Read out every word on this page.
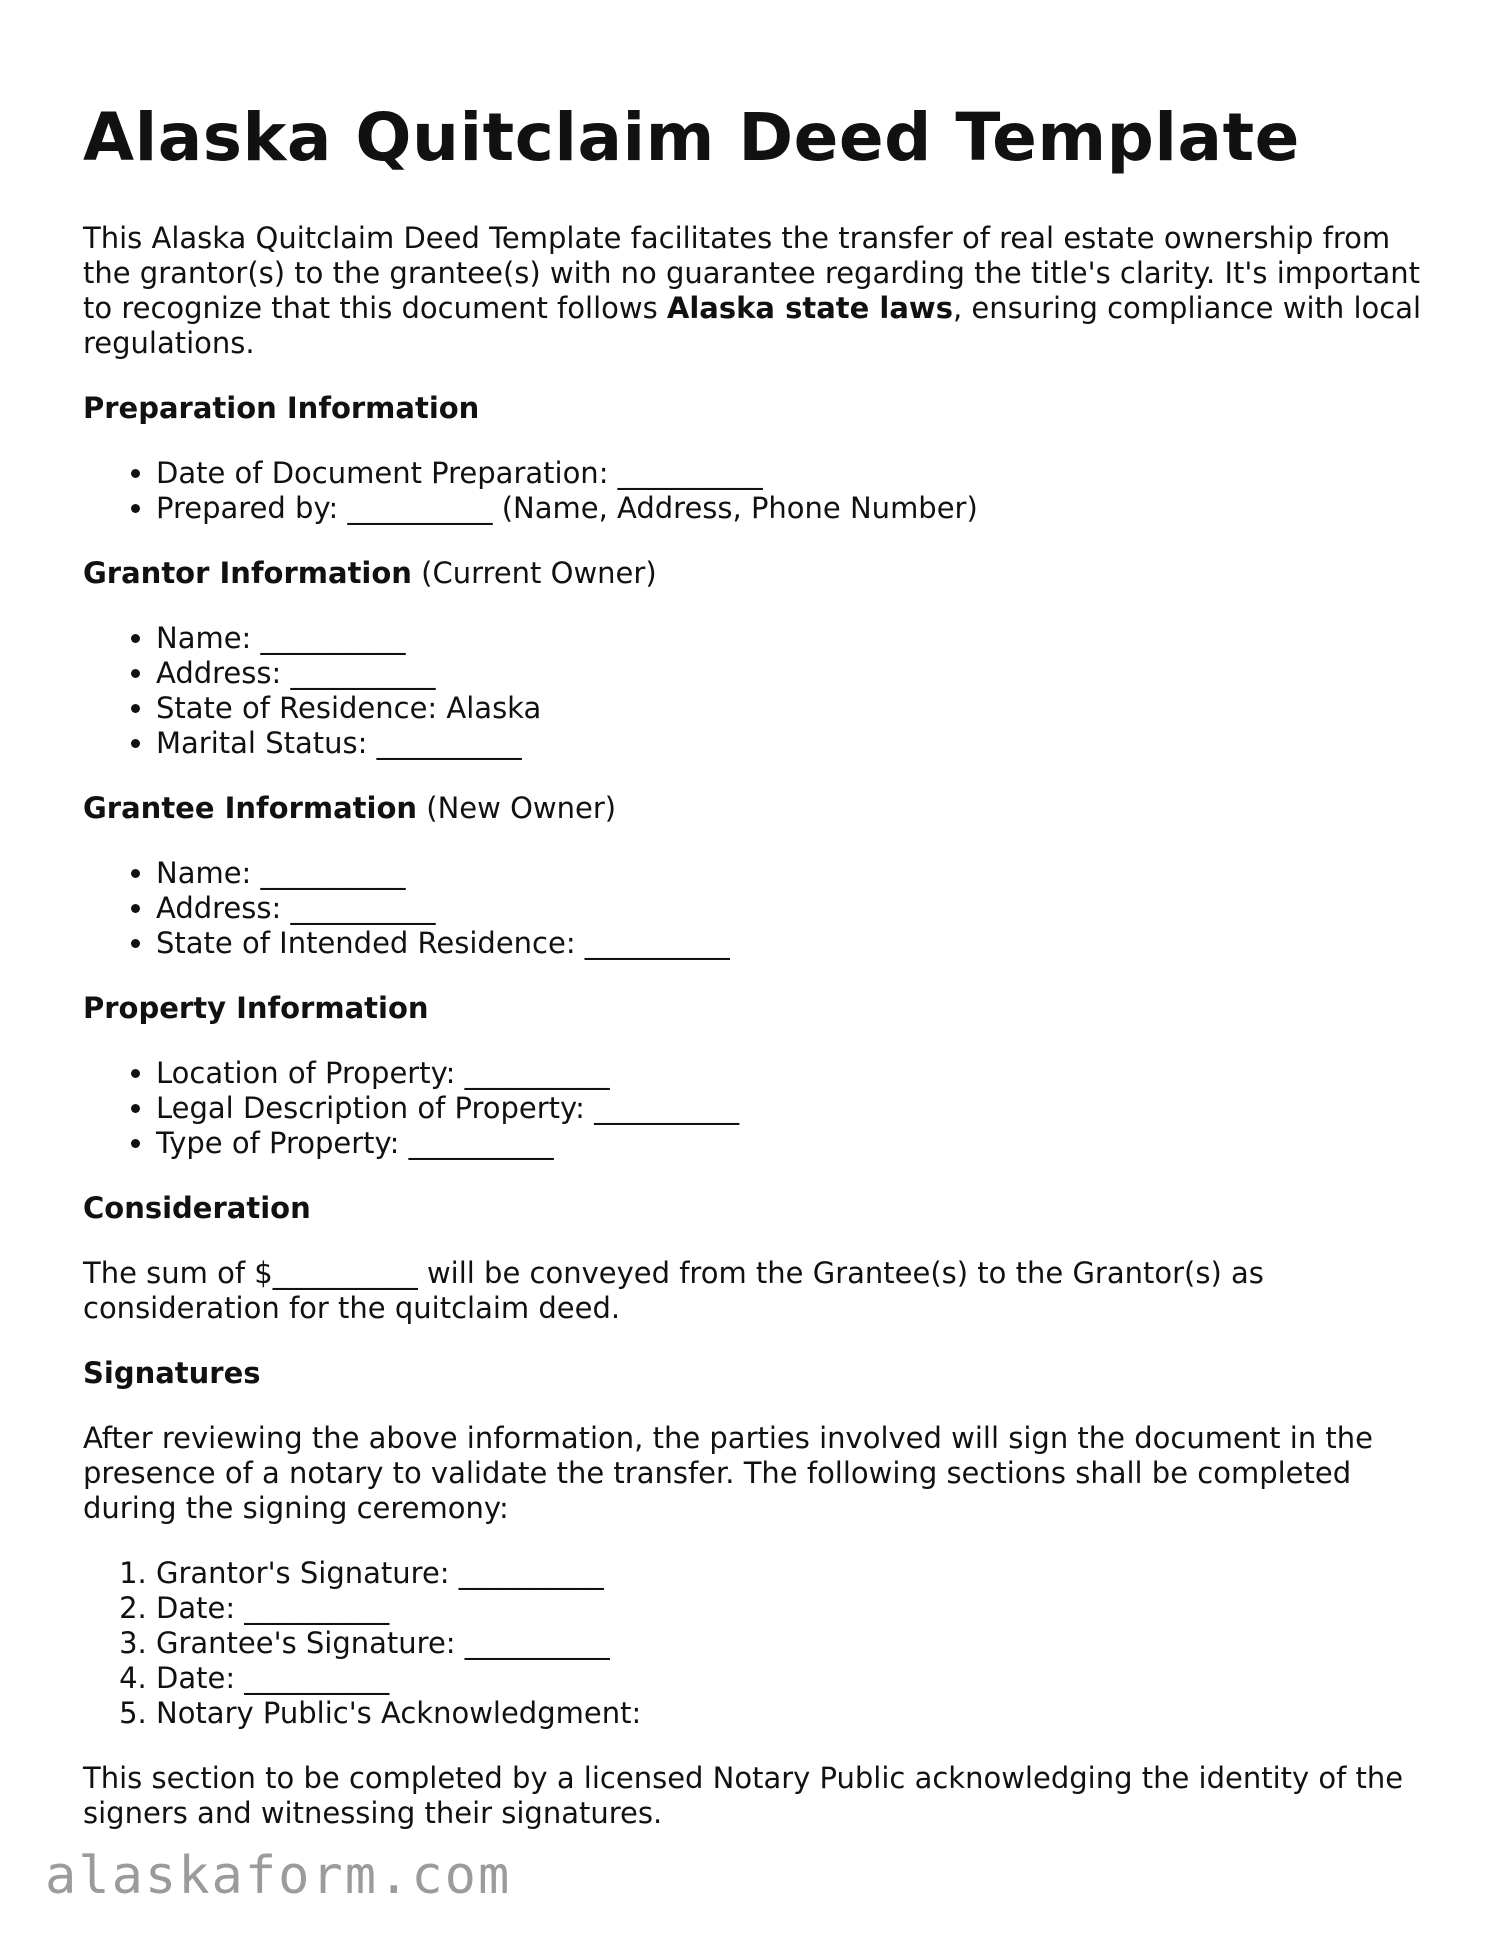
Alaska Quitclaim Deed Template

This Alaska Quitclaim Deed Template facilitates the transfer of real estate ownership from the grantor(s) to the grantee(s) with no guarantee regarding the title's clarity. It's important to recognize that this document follows Alaska state laws, ensuring compliance with local regulations.

Preparation Information
• Date of Document Preparation: __________
• Prepared by: __________ (Name, Address, Phone Number)
Grantor Information (Current Owner)
• Name: __________
• Address: __________
• State of Residence: Alaska
• Marital Status: __________
Grantee Information (New Owner)
• Name: __________
• Address: __________
• State of Intended Residence: __________
Property Information
• Location of Property: __________
• Legal Description of Property: __________
• Type of Property: __________
Consideration

The sum of $__________ will be conveyed from the Grantee(s) to the Grantor(s) as consideration for the quitclaim deed.

Signatures

After reviewing the above information, the parties involved will sign the document in the presence of a notary to validate the transfer. The following sections shall be completed during the signing ceremony:

1. Grantor's Signature: __________
2. Date: __________
3. Grantee's Signature: __________
4. Date: __________
5. Notary Public's Acknowledgment:

This section to be completed by a licensed Notary Public acknowledging the identity of the signers and witnessing their signatures.

alaskaform.com
